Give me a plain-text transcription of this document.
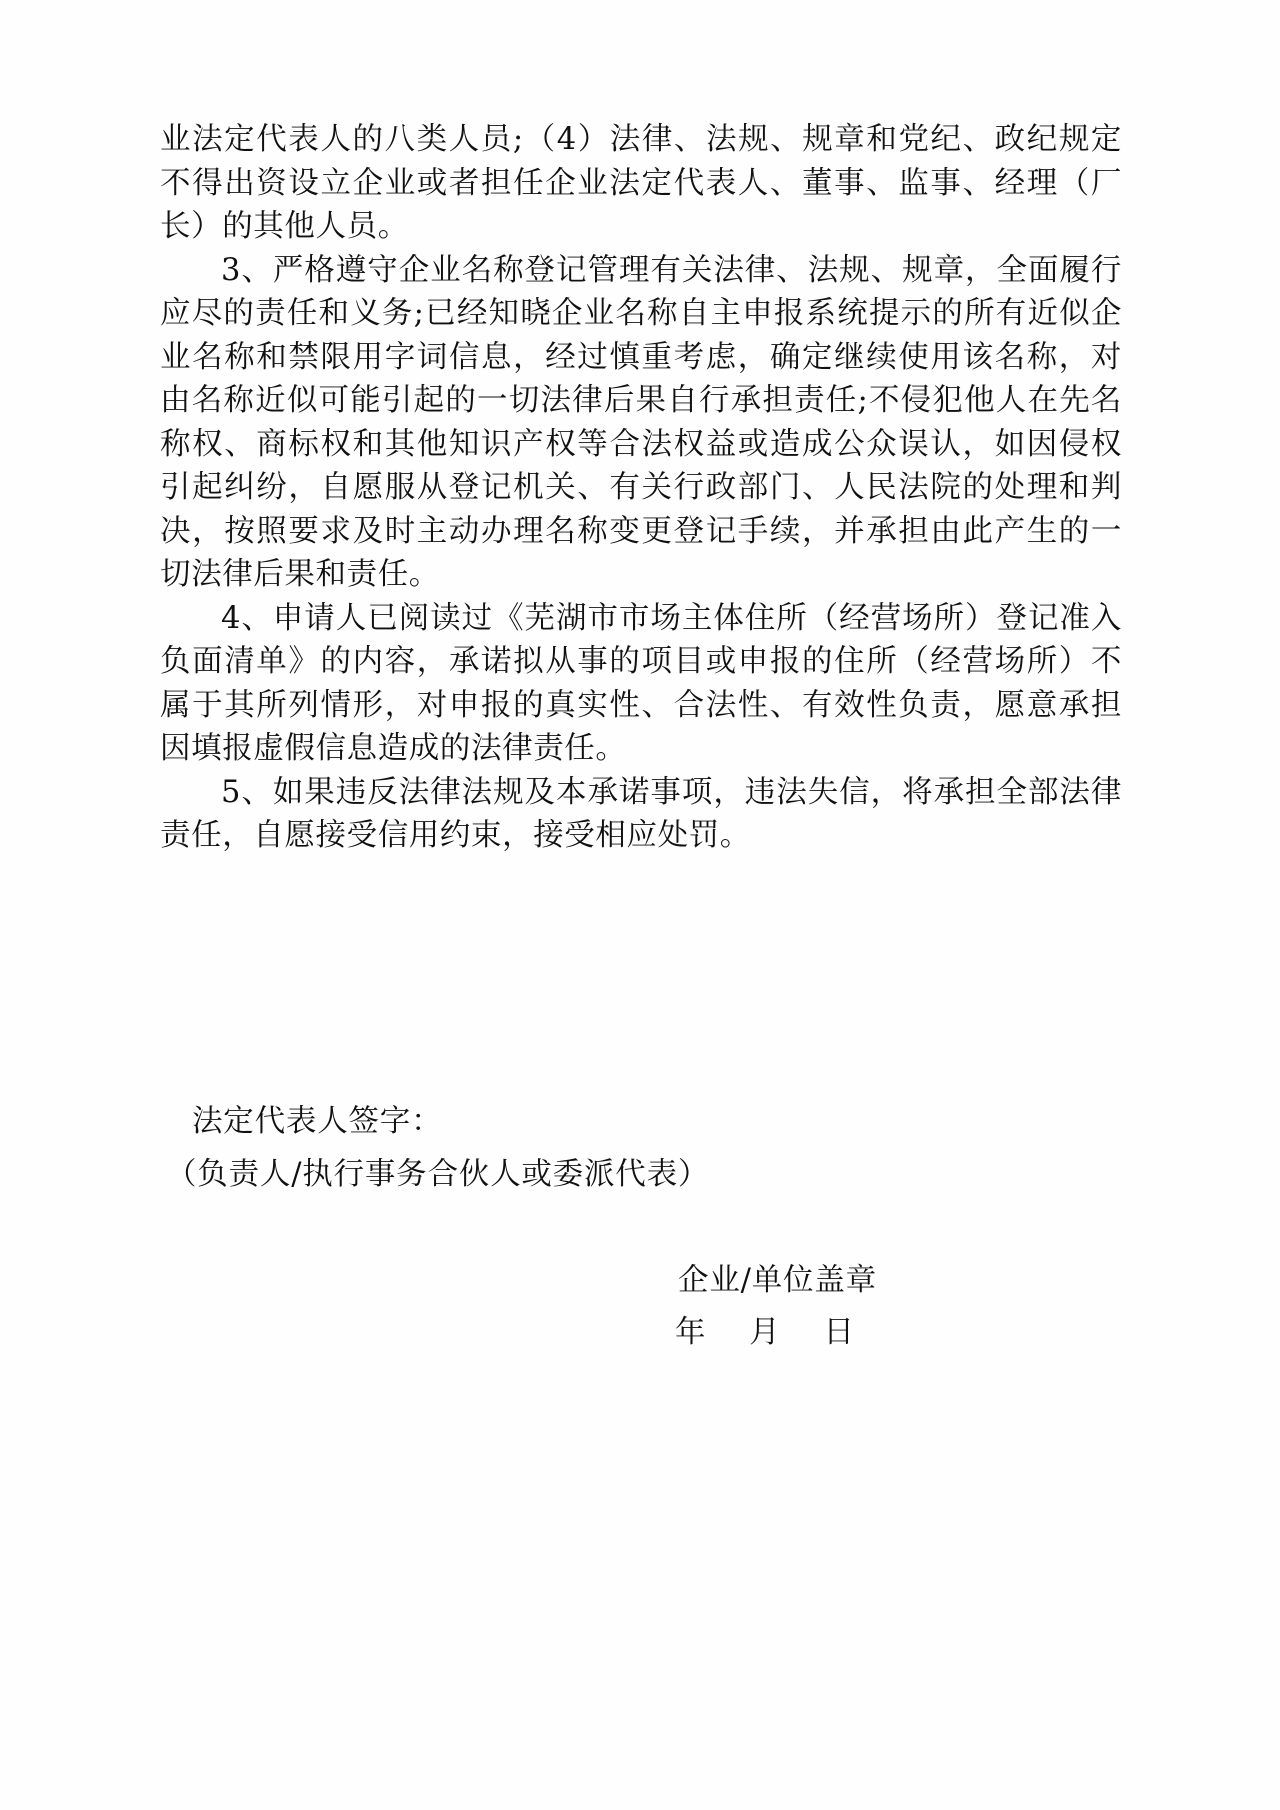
业法定代表人的八类人员;（4）法律、法规、规章和党纪、政纪规定不得出资设立企业或者担任企业法定代表人、董事、监事、经理（厂长）的其他人员。

3、严格遵守企业名称登记管理有关法律、法规、规章，全面履行应尽的责任和义务;已经知晓企业名称自主申报系统提示的所有近似企业名称和禁限用字词信息，经过慎重考虑，确定继续使用该名称，对由名称近似可能引起的一切法律后果自行承担责任;不侵犯他人在先名称权、商标权和其他知识产权等合法权益或造成公众误认，如因侵权引起纠纷，自愿服从登记机关、有关行政部门、人民法院的处理和判决，按照要求及时主动办理名称变更登记手续，并承担由此产生的一切法律后果和责任。

4、申请人已阅读过《芜湖市市场主体住所（经营场所）登记准入负面清单》的内容，承诺拟从事的项目或申报的住所（经营场所）不属于其所列情形，对申报的真实性、合法性、有效性负责，愿意承担因填报虚假信息造成的法律责任。

5、如果违反法律法规及本承诺事项，违法失信，将承担全部法律责任，自愿接受信用约束，接受相应处罚。

法定代表人签字：
（负责人/执行事务合伙人或委派代表）
企业/单位盖章
年    月    日
